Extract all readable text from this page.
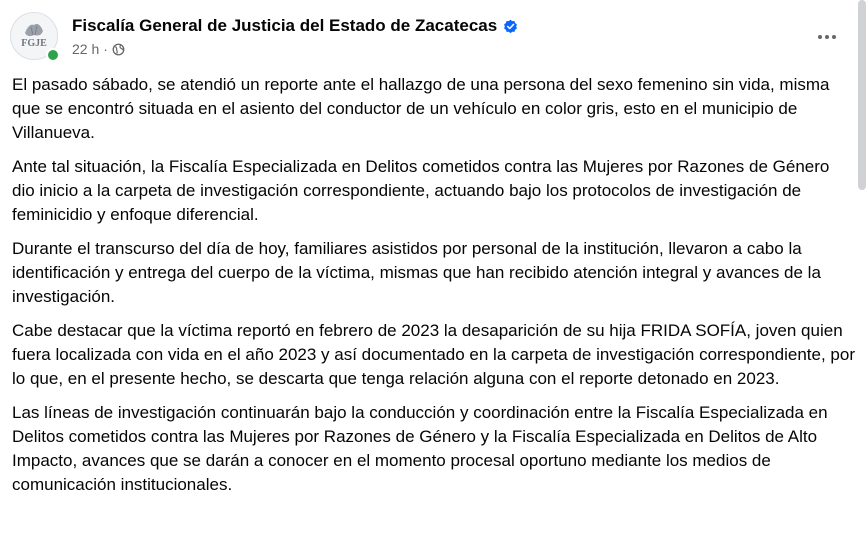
FGJE
Fiscalía General de Justicia del Estado de Zacatecas
22 h ·

El pasado sábado, se atendió un reporte ante el hallazgo de una persona del sexo femenino sin vida, misma que se encontró situada en el asiento del conductor de un vehículo en color gris, esto en el municipio de Villanueva.

Ante tal situación, la Fiscalía Especializada en Delitos cometidos contra las Mujeres por Razones de Género dio inicio a la carpeta de investigación correspondiente, actuando bajo los protocolos de investigación de feminicidio y enfoque diferencial.

Durante el transcurso del día de hoy, familiares asistidos por personal de la institución, llevaron a cabo la identificación y entrega del cuerpo de la víctima, mismas que han recibido atención integral y avances de la investigación.

Cabe destacar que la víctima reportó en febrero de 2023 la desaparición de su hija FRIDA SOFÍA, joven quien fuera localizada con vida en el año 2023 y así documentado en la carpeta de investigación correspondiente, por lo que, en el presente hecho, se descarta que tenga relación alguna con el reporte detonado en 2023.

Las líneas de investigación continuarán bajo la conducción y coordinación entre la Fiscalía Especializada en Delitos cometidos contra las Mujeres por Razones de Género y la Fiscalía Especializada en Delitos de Alto Impacto, avances que se darán a conocer en el momento procesal oportuno mediante los medios de comunicación institucionales.
